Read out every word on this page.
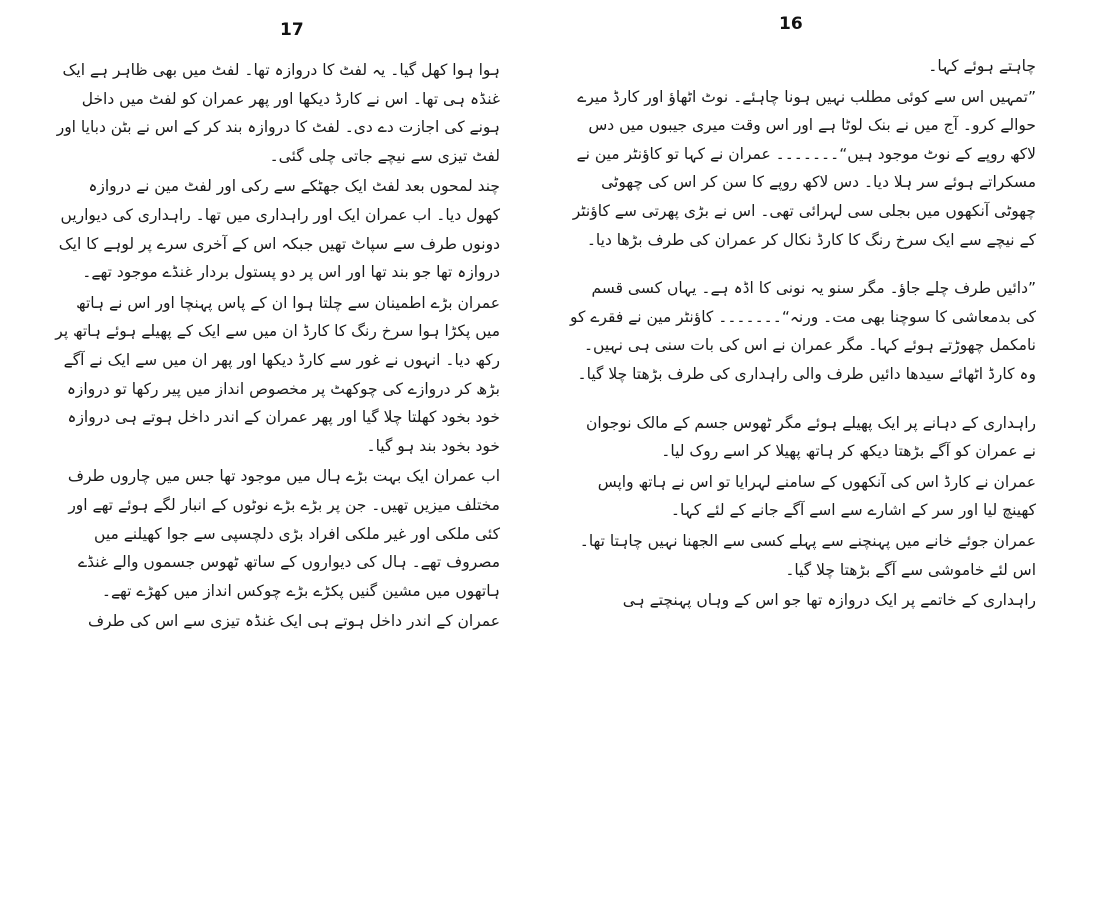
17

ہوا ہوا کھل گیا۔ یہ لفٹ کا دروازہ تھا۔ لفٹ میں بھی ظاہر ہے ایک غنڈہ ہی تھا۔ اس نے کارڈ دیکھا اور پھر عمران کو لفٹ میں داخل ہونے کی اجازت دے دی۔ لفٹ کا دروازہ بند کر کے اس نے بٹن دبایا اور لفٹ تیزی سے نیچے جاتی چلی گئی۔

چند لمحوں بعد لفٹ ایک جھٹکے سے رکی اور لفٹ مین نے دروازہ کھول دیا۔ اب عمران ایک اور راہداری میں تھا۔ راہداری کی دیواریں دونوں طرف سے سپاٹ تھیں جبکہ اس کے آخری سرے پر لوہے کا ایک دروازہ تھا جو بند تھا اور اس پر دو پستول بردار غنڈے موجود تھے۔

عمران بڑے اطمینان سے چلتا ہوا ان کے پاس پہنچا اور اس نے ہاتھ میں پکڑا ہوا سرخ رنگ کا کارڈ ان میں سے ایک کے پھیلے ہوئے ہاتھ پر رکھ دیا۔ انہوں نے غور سے کارڈ دیکھا اور پھر ان میں سے ایک نے آگے بڑھ کر دروازے کی چوکھٹ پر مخصوص انداز میں پیر رکھا تو دروازہ خود بخود کھلتا چلا گیا اور پھر عمران کے اندر داخل ہوتے ہی دروازہ خود بخود بند ہو گیا۔

اب عمران ایک بہت بڑے ہال میں موجود تھا جس میں چاروں طرف مختلف میزیں تھیں۔ جن پر بڑے بڑے نوٹوں کے انبار لگے ہوئے تھے اور کئی ملکی اور غیر ملکی افراد بڑی دلچسپی سے جوا کھیلنے میں مصروف تھے۔ ہال کی دیواروں کے ساتھ ٹھوس جسموں والے غنڈے ہاتھوں میں مشین گنیں پکڑے بڑے چوکس انداز میں کھڑے تھے۔

عمران کے اندر داخل ہوتے ہی ایک غنڈہ تیزی سے اس کی طرف

16

چاہتے ہوئے کہا۔

”تمہیں اس سے کوئی مطلب نہیں ہونا چاہئے۔ نوٹ اٹھاؤ اور کارڈ میرے حوالے کرو۔ آج میں نے بنک لوٹا ہے اور اس وقت میری جیبوں میں دس لاکھ روپے کے نوٹ موجود ہیں“۔۔۔۔۔۔۔ عمران نے کہا تو کاؤنٹر مین نے مسکراتے ہوئے سر ہلا دیا۔ دس لاکھ روپے کا سن کر اس کی چھوٹی چھوٹی آنکھوں میں بجلی سی لہرائی تھی۔ اس نے بڑی پھرتی سے کاؤنٹر کے نیچے سے ایک سرخ رنگ کا کارڈ نکال کر عمران کی طرف بڑھا دیا۔

”دائیں طرف چلے جاؤ۔ مگر سنو یہ نونی کا اڈہ ہے۔ یہاں کسی قسم کی بدمعاشی کا سوچنا بھی مت۔ ورنہ“۔۔۔۔۔۔۔ کاؤنٹر مین نے فقرے کو نامکمل چھوڑتے ہوئے کہا۔ مگر عمران نے اس کی بات سنی ہی نہیں۔ وہ کارڈ اٹھائے سیدھا دائیں طرف والی راہداری کی طرف بڑھتا چلا گیا۔

راہداری کے دہانے پر ایک پھیلے ہوئے مگر ٹھوس جسم کے مالک نوجوان نے عمران کو آگے بڑھتا دیکھ کر ہاتھ پھیلا کر اسے روک لیا۔

عمران نے کارڈ اس کی آنکھوں کے سامنے لہرایا تو اس نے ہاتھ واپس کھینچ لیا اور سر کے اشارے سے اسے آگے جانے کے لئے کہا۔

عمران جوئے خانے میں پہنچنے سے پہلے کسی سے الجھنا نہیں چاہتا تھا۔ اس لئے خاموشی سے آگے بڑھتا چلا گیا۔

راہداری کے خاتمے پر ایک دروازہ تھا جو اس کے وہاں پہنچتے ہی
